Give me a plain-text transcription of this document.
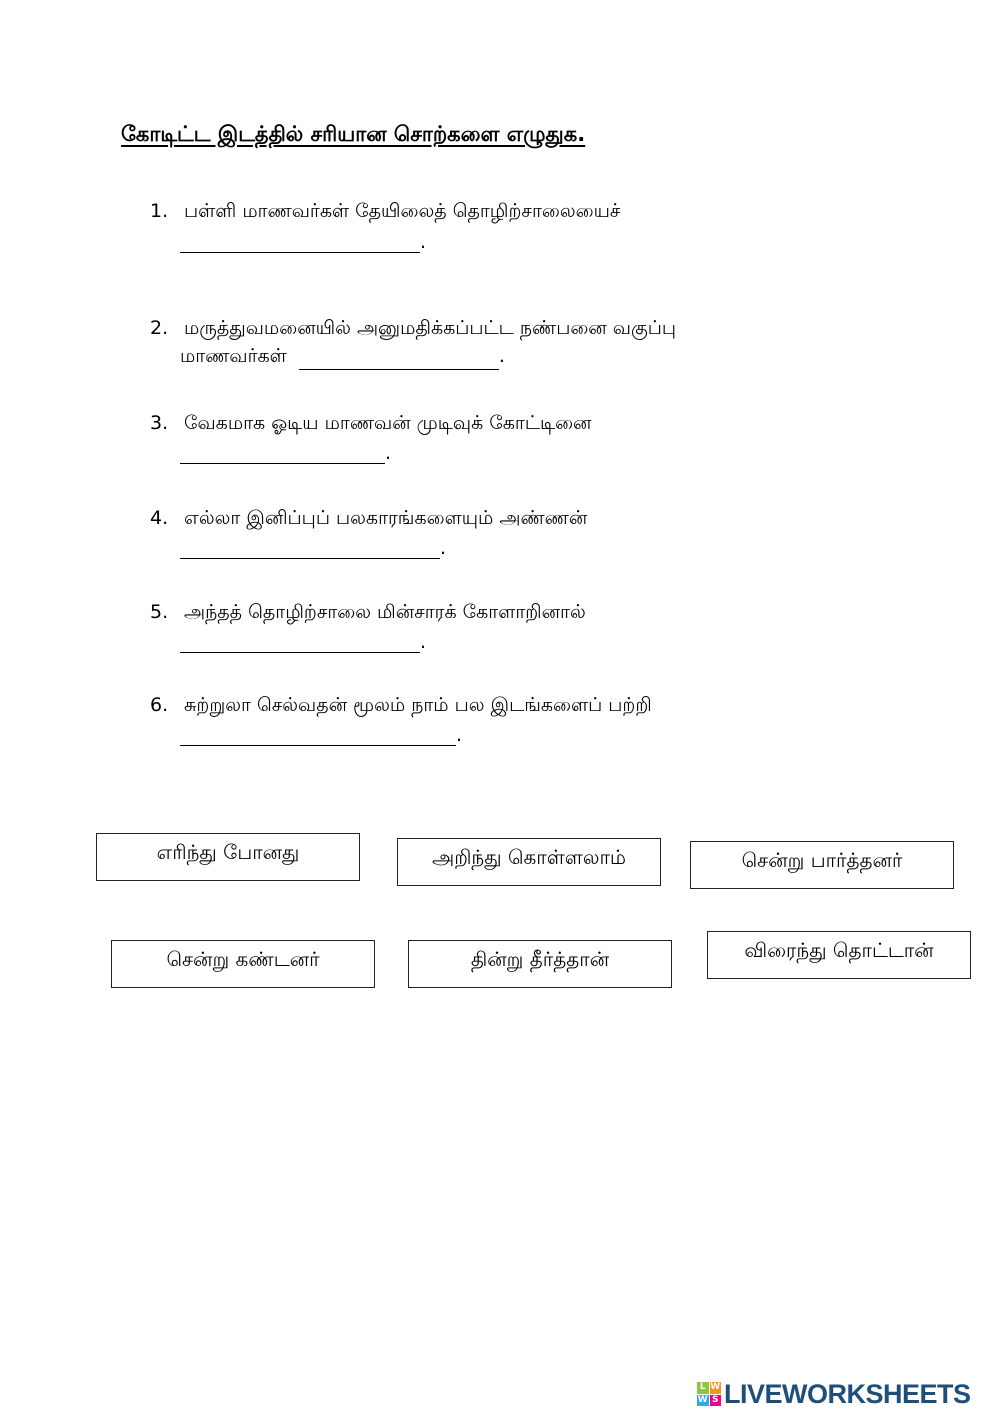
கோடிட்ட இடத்தில் சரியான சொற்களை எழுதுக.
1. பள்ளி மாணவர்கள் தேயிலைத் தொழிற்சாலையைச்
.
2. மருத்துவமனையில் அனுமதிக்கப்பட்ட நண்பனை வகுப்பு
மாணவர்கள்	.
3. வேகமாக ஓடிய மாணவன் முடிவுக் கோட்டினை
.
4. எல்லா இனிப்புப் பலகாரங்களையும் அண்ணன்
.
5. அந்தத் தொழிற்சாலை மின்சாரக் கோளாறினால்
.
6. சுற்றுலா செல்வதன் மூலம் நாம் பல இடங்களைப் பற்றி
.
எரிந்து போனது	அறிந்து கொள்ளலாம்	சென்று பார்த்தனர்
சென்று கண்டனர்	தின்று தீர்த்தான்	விரைந்து தொட்டான்
L W
W S LIVEWORKSHEETS
